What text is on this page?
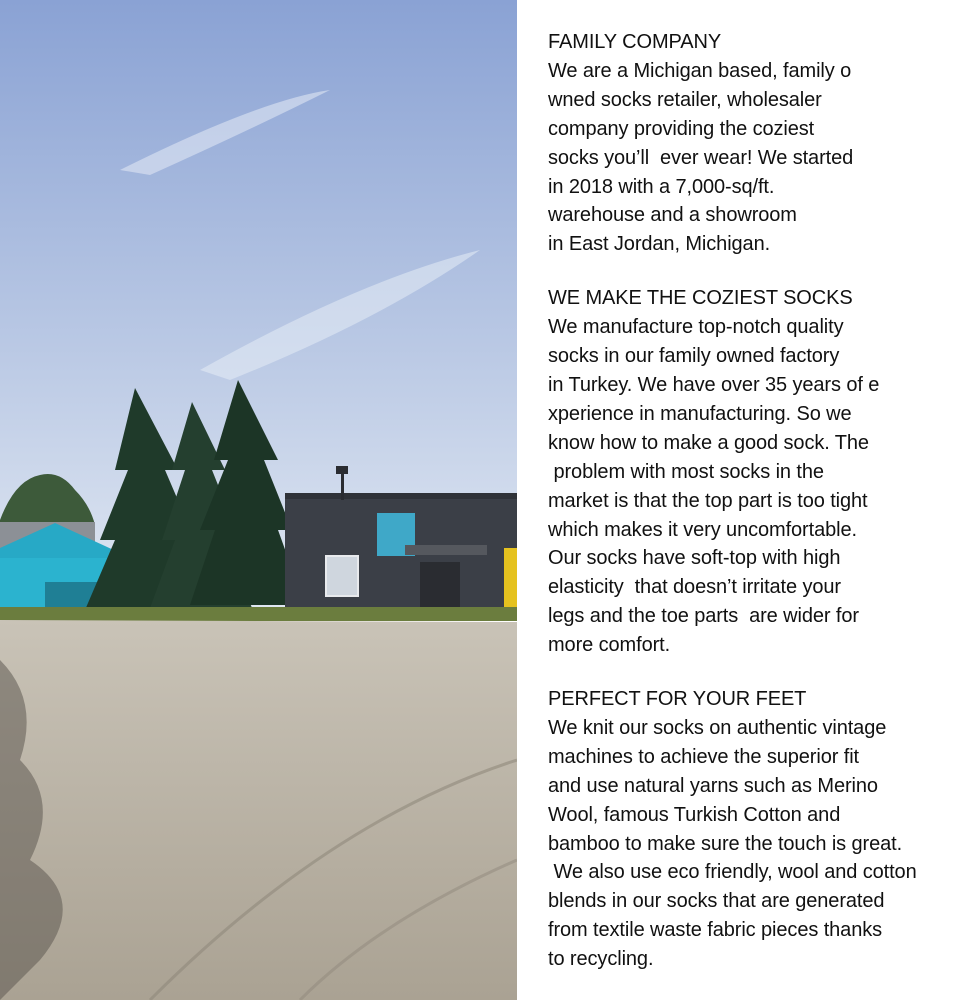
FAMILY COMPANY
We are a Michigan based, family o
wned socks retailer, wholesaler
company providing the coziest
socks you’ll  ever wear! We started
in 2018 with a 7,000-sq/ft.
warehouse and a showroom
in East Jordan, Michigan.
WE MAKE THE COZIEST SOCKS
We manufacture top-notch quality
socks in our family owned factory
in Turkey. We have over 35 years of e
xperience in manufacturing. So we
know how to make a good sock. The
problem with most socks in the
market is that the top part is too tight
which makes it very uncomfortable.
Our socks have soft-top with high
elasticity  that doesn’t irritate your
legs and the toe parts  are wider for
more comfort.
PERFECT FOR YOUR FEET
We knit our socks on authentic vintage
machines to achieve the superior fit
and use natural yarns such as Merino
Wool, famous Turkish Cotton and
bamboo to make sure the touch is great.
We also use eco friendly, wool and cotton
blends in our socks that are generated
from textile waste fabric pieces thanks
to recycling.
